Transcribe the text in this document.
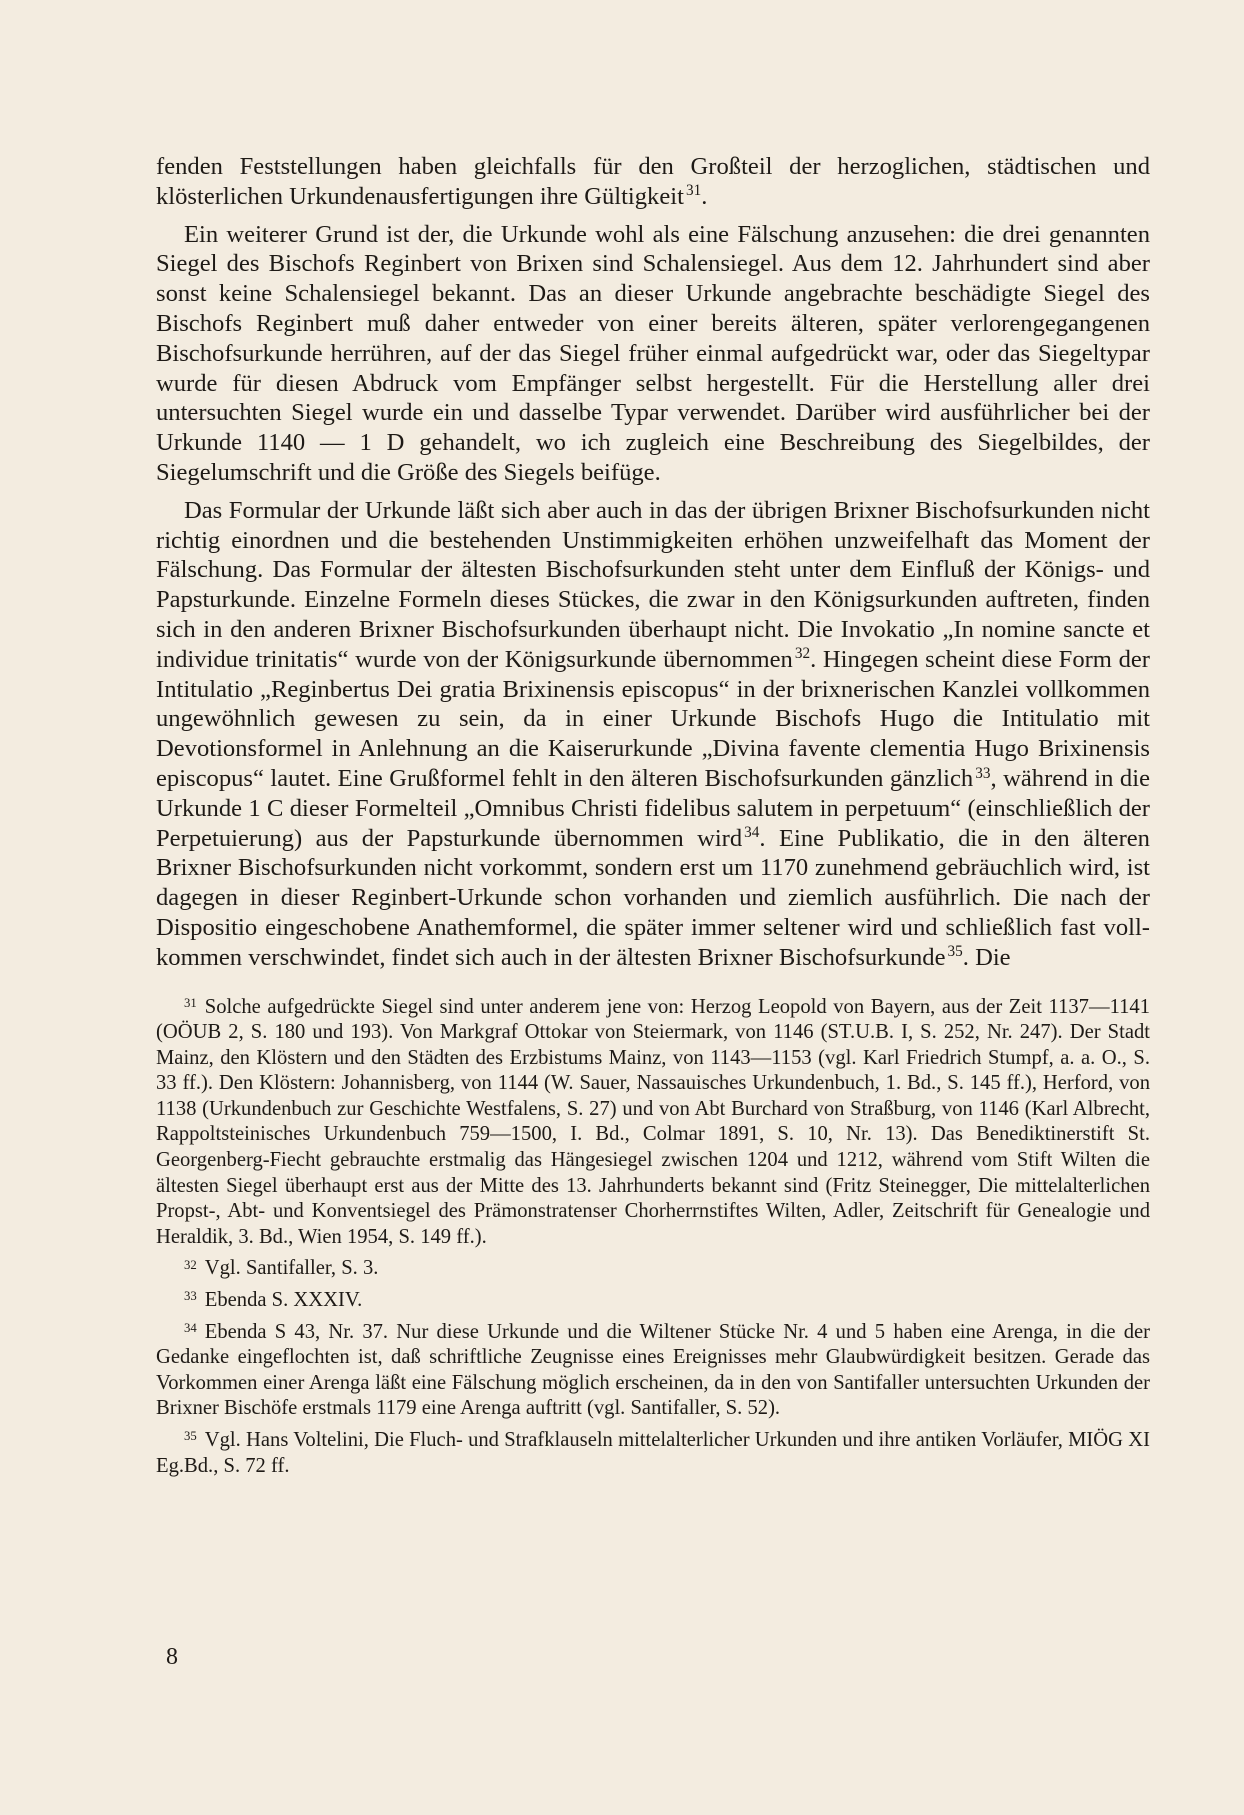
fenden Feststellungen haben gleichfalls für den Großteil der herzoglichen, städtischen und klösterlichen Urkundenausfertigungen ihre Gültigkeit $^{31}$.

Ein weiterer Grund ist der, die Urkunde wohl als eine Fälschung anzusehen: die drei genannten Siegel des Bischofs Reginbert von Brixen sind Schalensiegel. Aus dem 12. Jahrhundert sind aber sonst keine Schalensiegel bekannt. Das an dieser Urkunde angebrachte beschädigte Siegel des Bischofs Reginbert muß daher entweder von einer bereits älteren, später verlorengegangenen Bischofsurkunde herrühren, auf der das Siegel früher einmal aufgedrückt war, oder das Siegeltypar wurde für diesen Abdruck vom Empfänger selbst hergestellt. Für die Herstellung aller drei untersuchten Siegel wurde ein und dasselbe Typar verwendet. Darüber wird ausführlicher bei der Urkunde 1140 — 1 D gehandelt, wo ich zugleich eine Beschreibung des Siegelbildes, der Siegelumschrift und die Größe des Siegels beifüge.

Das Formular der Urkunde läßt sich aber auch in das der übrigen Brixner Bischofsurkunden nicht richtig einordnen und die bestehenden Unstimmigkeiten erhöhen unzweifelhaft das Moment der Fälschung. Das Formular der ältesten Bischofsurkunden steht unter dem Einfluß der Königs- und Papsturkunde. Einzelne Formeln dieses Stückes, die zwar in den Königsurkunden auftreten, finden sich in den anderen Brixner Bischofsurkunden überhaupt nicht. Die Invokatio „In nomine sancte et individue trinitatis“ wurde von der Königsurkunde übernommen $^{32}$. Hingegen scheint diese Form der Intitulatio „Reginbertus Dei gratia Brixinensis episcopus“ in der brixnerischen Kanzlei vollkommen ungewöhnlich gewesen zu sein, da in einer Urkunde Bischofs Hugo die Intitulatio mit Devotionsformel in Anlehnung an die Kaiserurkunde „Divina favente clementia Hugo Brixinensis episcopus“ lautet. Eine Grußformel fehlt in den älteren Bischofsurkunden gänzlich $^{33}$, während in die Urkunde 1 C dieser Formelteil „Omnibus Christi fidelibus salutem in perpetuum“ (einschließlich der Perpetuierung) aus der Papsturkunde übernommen wird $^{34}$. Eine Publikatio, die in den älteren Brixner Bischofsurkunden nicht vorkommt, sondern erst um 1170 zunehmend gebräuchlich wird, ist dagegen in dieser Reginbert-Urkunde schon vorhanden und ziemlich ausführlich. Die nach der Dispositio eingeschobene Anathemformel, die später immer seltener wird und schließlich fast vollkommen verschwindet, findet sich auch in der ältesten Brixner Bischofsurkunde $^{35}$. Die

$^{31}$ Solche aufgedrückte Siegel sind unter anderem jene von: Herzog Leopold von Bayern, aus der Zeit 1137—1141 (OÖUB 2, S. 180 und 193). Von Markgraf Ottokar von Steiermark, von 1146 (ST.U.B. I, S. 252, Nr. 247). Der Stadt Mainz, den Klöstern und den Städten des Erzbistums Mainz, von 1143—1153 (vgl. Karl Friedrich Stumpf, a. a. O., S. 33 ff.). Den Klöstern: Johannisberg, von 1144 (W. Sauer, Nassauisches Urkundenbuch, 1. Bd., S. 145 ff.), Herford, von 1138 (Urkundenbuch zur Geschichte Westfalens, S. 27) und von Abt Burchard von Straßburg, von 1146 (Karl Albrecht, Rappoltsteinisches Urkundenbuch 759—1500, I. Bd., Colmar 1891, S. 10, Nr. 13). Das Benediktinerstift St. Georgenberg-Fiecht gebrauchte erstmalig das Hängesiegel zwischen 1204 und 1212, während vom Stift Wilten die ältesten Siegel überhaupt erst aus der Mitte des 13. Jahrhunderts bekannt sind (Fritz Steinegger, Die mittelalterlichen Propst-, Abt- und Konventsiegel des Prämonstratenser Chorherrnstiftes Wilten, Adler, Zeitschrift für Genealogie und Heraldik, 3. Bd., Wien 1954, S. 149 ff.).

$^{32}$ Vgl. Santifaller, S. 3.

$^{33}$ Ebenda S. XXXIV.

$^{34}$ Ebenda S 43, Nr. 37. Nur diese Urkunde und die Wiltener Stücke Nr. 4 und 5 haben eine Arenga, in die der Gedanke eingeflochten ist, daß schriftliche Zeugnisse eines Ereignisses mehr Glaubwürdigkeit besitzen. Gerade das Vorkommen einer Arenga läßt eine Fälschung möglich erscheinen, da in den von Santifaller untersuchten Urkunden der Brixner Bischöfe erstmals 1179 eine Arenga auftritt (vgl. Santifaller, S. 52).

$^{35}$ Vgl. Hans Voltelini, Die Fluch- und Strafklauseln mittelalterlicher Urkunden und ihre antiken Vorläufer, MIÖG XI Eg.Bd., S. 72 ff.

8
